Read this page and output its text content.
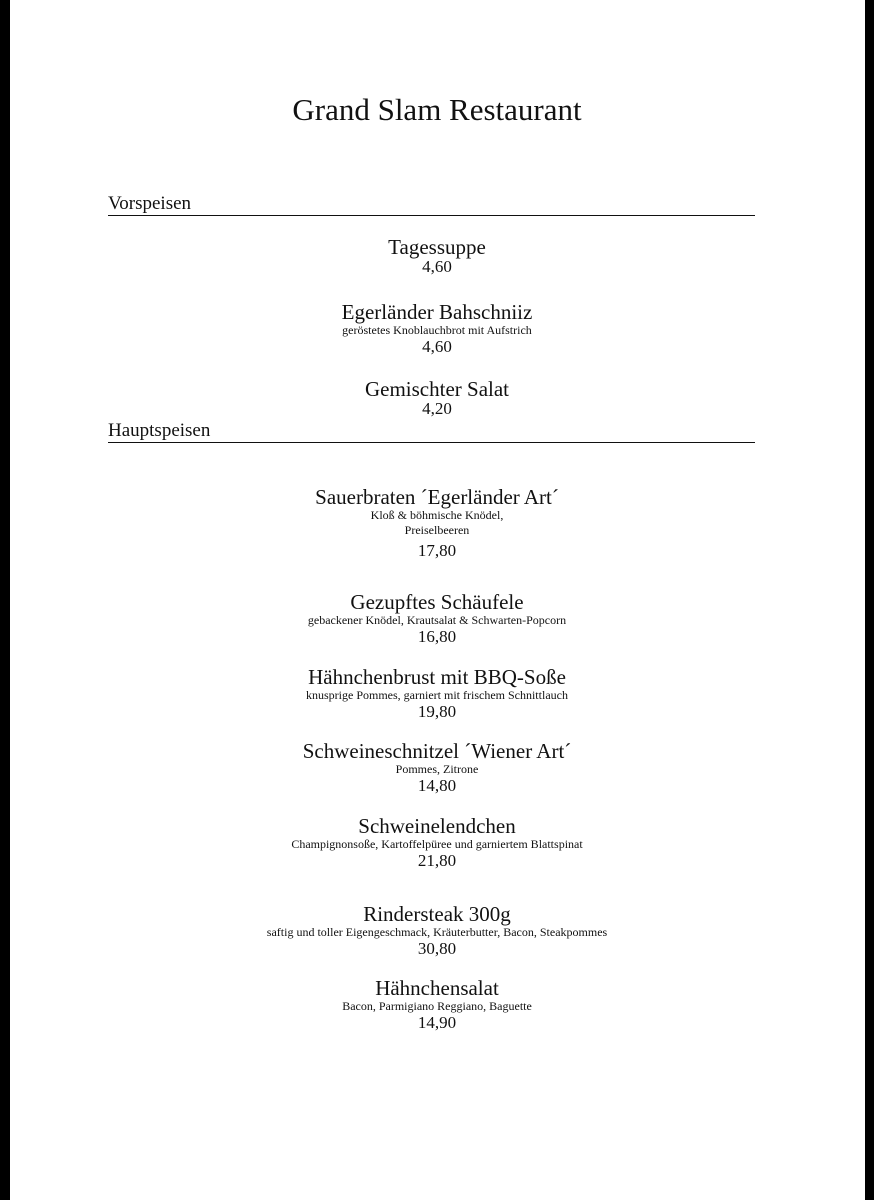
Grand Slam Restaurant
Vorspeisen
Tagessuppe
4,60
Egerländer Bahschniiz
geröstetes Knoblauchbrot mit Aufstrich
4,60
Gemischter Salat
4,20
Hauptspeisen
Sauerbraten ´Egerländer Art´
Kloß & böhmische Knödel,
Preiselbeeren
17,80
Gezupftes Schäufele
gebackener Knödel, Krautsalat & Schwarten-Popcorn
16,80
Hähnchenbrust mit BBQ-Soße
knusprige Pommes, garniert mit frischem Schnittlauch
19,80
Schweineschnitzel ´Wiener Art´
Pommes, Zitrone
14,80
Schweinelendchen
Champignonsoße, Kartoffelpüree und garniertem Blattspinat
21,80
Rindersteak 300g
saftig und toller Eigengeschmack, Kräuterbutter, Bacon, Steakpommes
30,80
Hähnchensalat
Bacon, Parmigiano Reggiano, Baguette
14,90
